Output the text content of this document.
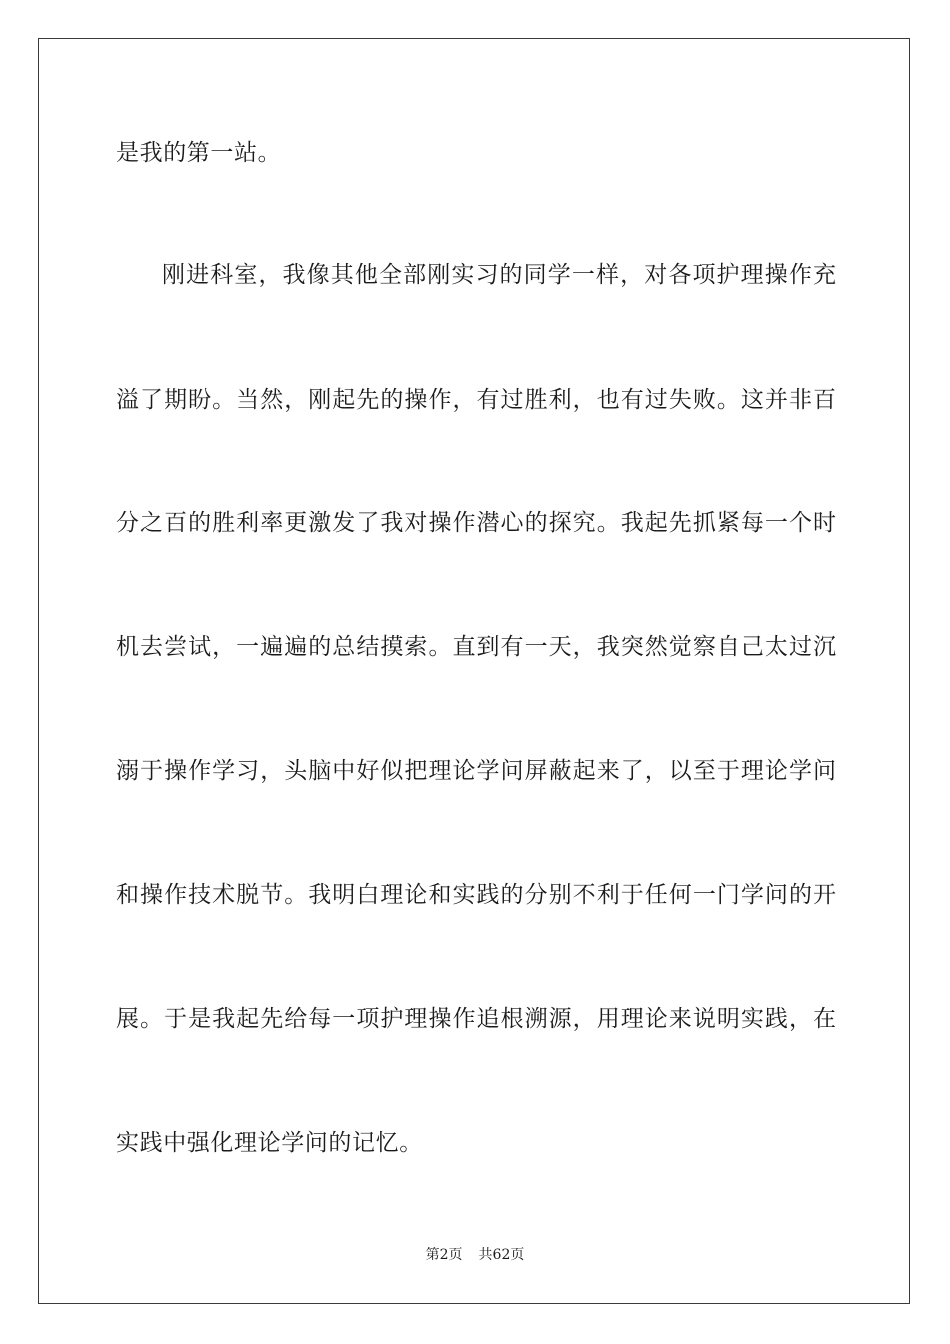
是我的第一站。
刚进科室，我像其他全部刚实习的同学一样，对各项护理操作充
溢了期盼。当然，刚起先的操作，有过胜利，也有过失败。这并非百
分之百的胜利率更激发了我对操作潜心的探究。我起先抓紧每一个时
机去尝试，一遍遍的总结摸索。直到有一天，我突然觉察自己太过沉
溺于操作学习，头脑中好似把理论学问屏蔽起来了，以至于理论学问
和操作技术脱节。我明白理论和实践的分别不利于任何一门学问的开
展。于是我起先给每一项护理操作追根溯源，用理论来说明实践，在
实践中强化理论学问的记忆。
第2页 共62页
